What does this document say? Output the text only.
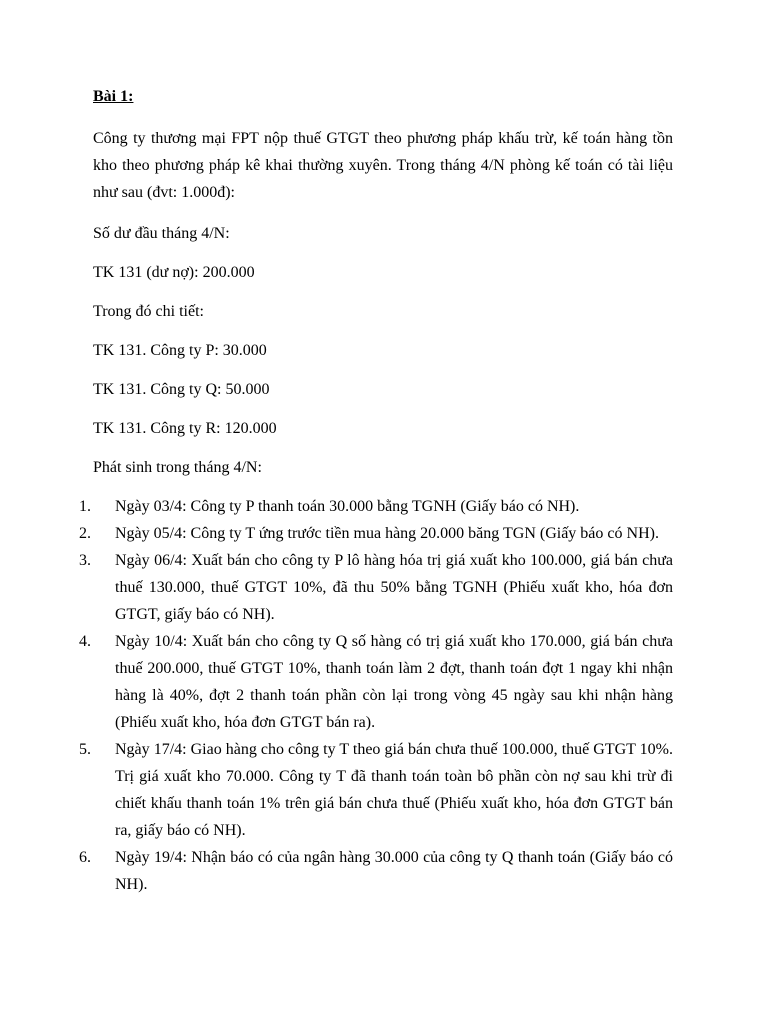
Bài 1:

Công ty thương mại FPT nộp thuế GTGT theo phương pháp khấu trừ, kế toán hàng tồn kho theo phương pháp kê khai thường xuyên. Trong tháng 4/N phòng kế toán có tài liệu như sau (đvt: 1.000đ):

Số dư đầu tháng 4/N:

TK 131 (dư nợ): 200.000

Trong đó chi tiết:

TK 131. Công ty P: 30.000

TK 131. Công ty Q: 50.000

TK 131. Công ty R: 120.000

Phát sinh trong tháng 4/N:

1.	Ngày 03/4: Công ty P thanh toán 30.000 bằng TGNH (Giấy báo có NH).
2.	Ngày 05/4: Công ty T ứng trước tiền mua hàng 20.000 băng TGN (Giấy báo có NH).
3.	Ngày 06/4: Xuất bán cho công ty P lô hàng hóa trị giá xuất kho 100.000, giá bán chưa thuế 130.000, thuế GTGT 10%, đã thu 50% bằng TGNH (Phiếu xuất kho, hóa đơn GTGT, giấy báo có NH).
4.	Ngày 10/4: Xuất bán cho công ty Q số hàng có trị giá xuất kho 170.000, giá bán chưa thuế 200.000, thuế GTGT 10%, thanh toán làm 2 đợt, thanh toán đợt 1 ngay khi nhận hàng là 40%, đợt 2 thanh toán phần còn lại trong vòng 45 ngày sau khi nhận hàng (Phiếu xuất kho, hóa đơn GTGT bán ra).
5.	Ngày 17/4: Giao hàng cho công ty T theo giá bán chưa thuế 100.000, thuế GTGT 10%. Trị giá xuất kho 70.000. Công ty T đã thanh toán toàn bô phần còn nợ sau khi trừ đi chiết khấu thanh toán 1% trên giá bán chưa thuế (Phiếu xuất kho, hóa đơn GTGT bán ra, giấy báo có NH).
6.	Ngày 19/4: Nhận báo có của ngân hàng 30.000 của công ty Q thanh toán (Giấy báo có NH).
